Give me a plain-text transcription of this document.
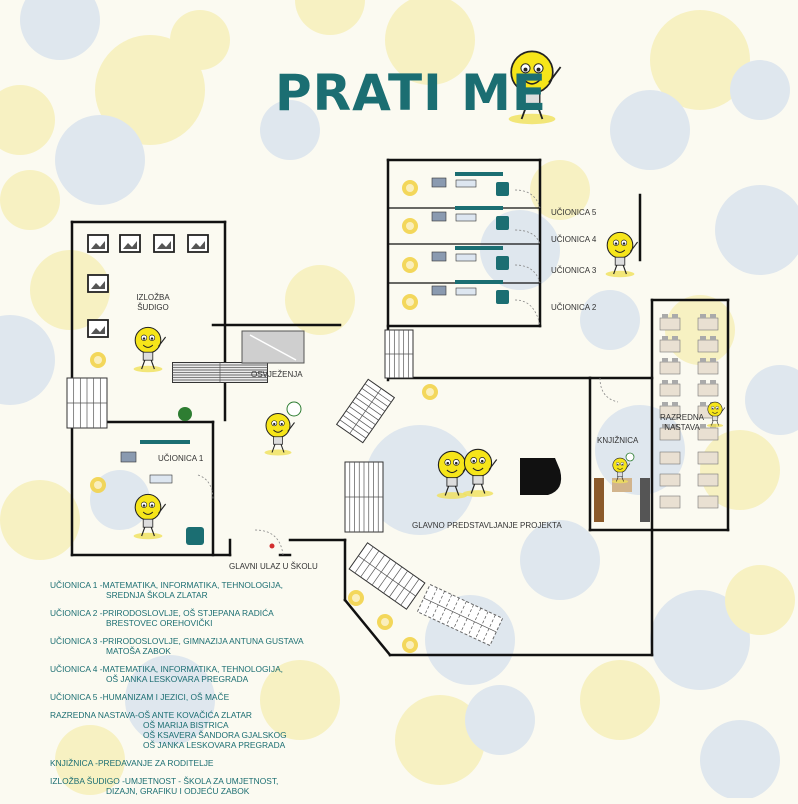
PRATI ME
IZLOŽBA ŠUDIGO
OSVJEŽENJA
UČIONICA 1
UČIONICA 5
UČIONICA 4
UČIONICA 3
UČIONICA 2
KNJIŽNICA
RAZREDNA NASTAVA
GLAVNO PREDSTAVLJANJE PROJEKTA
GLAVNI ULAZ U ŠKOLU
UČIONICA 1 -MATEMATIKA, INFORMATIKA, TEHNOLOGIJA,
SREDNJA ŠKOLA ZLATAR
UČIONICA 2 -PRIRODOSLOVLJE, OŠ STJEPANA RADIĆA
BRESTOVEC OREHOVIČKI
UČIONICA 3 -PRIRODOSLOVLJE, GIMNAZIJA ANTUNA GUSTAVA
MATOŠA ZABOK
UČIONICA 4 -MATEMATIKA, INFORMATIKA, TEHNOLOGIJA,
OŠ JANKA LESKOVARA PREGRADA
UČIONICA 5 -HUMANIZAM I JEZICI, OŠ MAČE
RAZREDNA NASTAVA-OŠ ANTE KOVAČIĆA ZLATAR
OŠ MARIJA BISTRICA
OŠ KSAVERA ŠANDORA GJALSKOG
OŠ JANKA LESKOVARA PREGRADA
KNJIŽNICA -PREDAVANJE ZA RODITELJE
IZLOŽBA ŠUDIGO -UMJETNOST - ŠKOLA ZA UMJETNOST,
DIZAJN, GRAFIKU I ODJEĆU ZABOK
